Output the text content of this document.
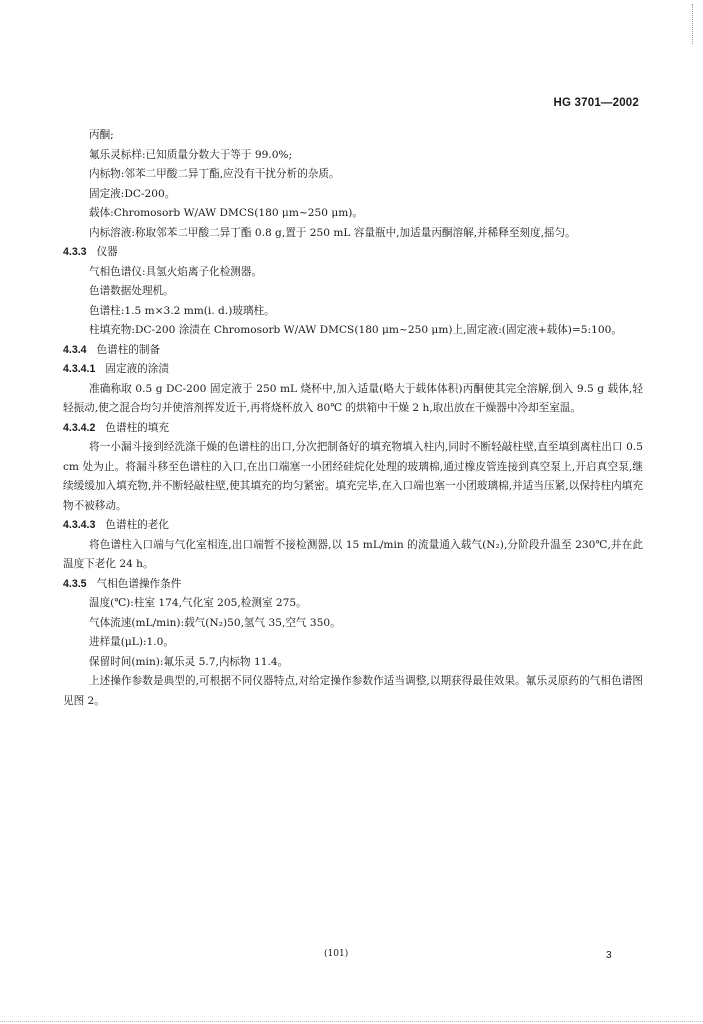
HG 3701—2002
丙酮;
氟乐灵标样:已知质量分数大于等于 99.0%;
内标物:邻苯二甲酸二异丁酯,应没有干扰分析的杂质。
固定液:DC-200。
载体:Chromosorb W/AW DMCS(180 μm~250 μm)。
内标溶液:称取邻苯二甲酸二异丁酯 0.8 g,置于 250 mL 容量瓶中,加适量丙酮溶解,并稀释至刻度,摇匀。
4.3.3 仪器
气相色谱仪:具氢火焰离子化检测器。
色谱数据处理机。
色谱柱:1.5 m×3.2 mm(i. d.)玻璃柱。
柱填充物:DC-200 涂渍在 Chromosorb W/AW DMCS(180 μm~250 μm)上,固定液:(固定液+载体)=5:100。
4.3.4 色谱柱的制备
4.3.4.1 固定液的涂渍
准确称取 0.5 g DC-200 固定液于 250 mL 烧杯中,加入适量(略大于载体体积)丙酮使其完全溶解,倒入 9.5 g 载体,轻轻振动,使之混合均匀并使溶剂挥发近干,再将烧杯放入 80℃ 的烘箱中干燥 2 h,取出放在干燥器中冷却至室温。
4.3.4.2 色谱柱的填充
将一小漏斗接到经洗涤干燥的色谱柱的出口,分次把制备好的填充物填入柱内,同时不断轻敲柱壁,直至填到离柱出口 0.5 cm 处为止。将漏斗移至色谱柱的入口,在出口端塞一小团经硅烷化处理的玻璃棉,通过橡皮管连接到真空泵上,开启真空泵,继续缓缓加入填充物,并不断轻敲柱壁,使其填充的均匀紧密。填充完毕,在入口端也塞一小团玻璃棉,并适当压紧,以保持柱内填充物不被移动。
4.3.4.3 色谱柱的老化
将色谱柱入口端与气化室相连,出口端暂不接检测器,以 15 mL/min 的流量通入载气(N₂),分阶段升温至 230℃,并在此温度下老化 24 h。
4.3.5 气相色谱操作条件
温度(℃):柱室 174,气化室 205,检测室 275。
气体流速(mL/min):载气(N₂)50,氢气 35,空气 350。
进样量(μL):1.0。
保留时间(min):氟乐灵 5.7,内标物 11.4。
上述操作参数是典型的,可根据不同仪器特点,对给定操作参数作适当调整,以期获得最佳效果。氟乐灵原药的气相色谱图见图 2。
(101)	3
